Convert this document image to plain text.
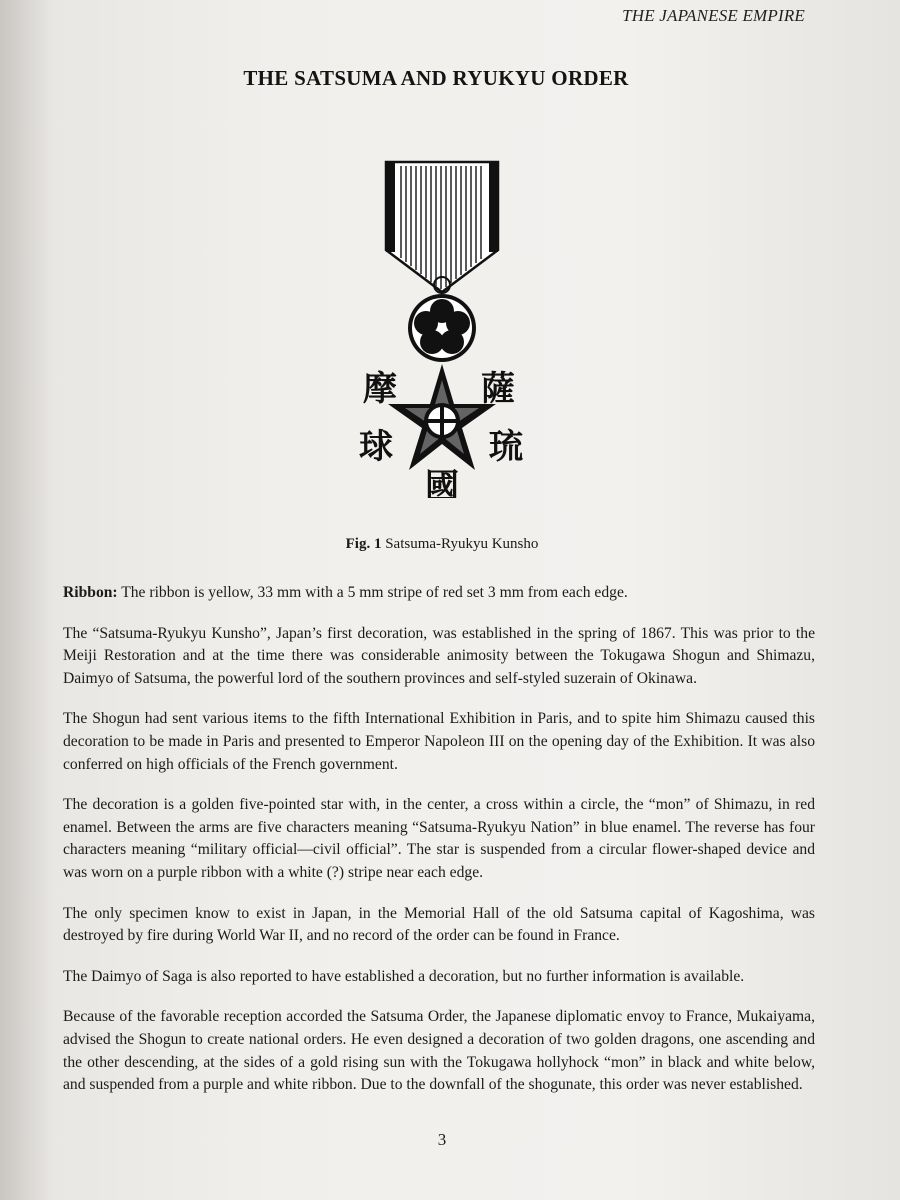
THE JAPANESE EMPIRE
THE SATSUMA AND RYUKYU ORDER
摩 薩
球	琉
國
Fig. 1 Satsuma-Ryukyu Kunsho

Ribbon: The ribbon is yellow, 33 mm with a 5 mm stripe of red set 3 mm from each edge.

The “Satsuma-Ryukyu Kunsho”, Japan’s first decoration, was established in the spring of 1867. This was prior to the Meiji Restoration and at the time there was considerable animosity between the Tokugawa Shogun and Shimazu, Daimyo of Satsuma, the powerful lord of the southern provinces and self-styled suzerain of Okinawa.

The Shogun had sent various items to the fifth International Exhibition in Paris, and to spite him Shimazu caused this decoration to be made in Paris and presented to Emperor Napoleon III on the opening day of the Exhibition. It was also conferred on high officials of the French government.

The decoration is a golden five-pointed star with, in the center, a cross within a circle, the “mon” of Shimazu, in red enamel. Between the arms are five characters meaning “Satsuma-Ryukyu Nation” in blue enamel. The reverse has four characters meaning “military official—civil official”. The star is suspended from a circular flower-shaped device and was worn on a purple ribbon with a white (?) stripe near each edge.

The only specimen know to exist in Japan, in the Memorial Hall of the old Satsuma capital of Kagoshima, was destroyed by fire during World War II, and no record of the order can be found in France.

The Daimyo of Saga is also reported to have established a decoration, but no further information is available.

Because of the favorable reception accorded the Satsuma Order, the Japanese diplomatic envoy to France, Mukaiyama, advised the Shogun to create national orders. He even designed a decoration of two golden dragons, one ascending and the other descending, at the sides of a gold rising sun with the Tokugawa hollyhock “mon” in black and white below, and suspended from a purple and white ribbon. Due to the downfall of the shogunate, this order was never established.

3
